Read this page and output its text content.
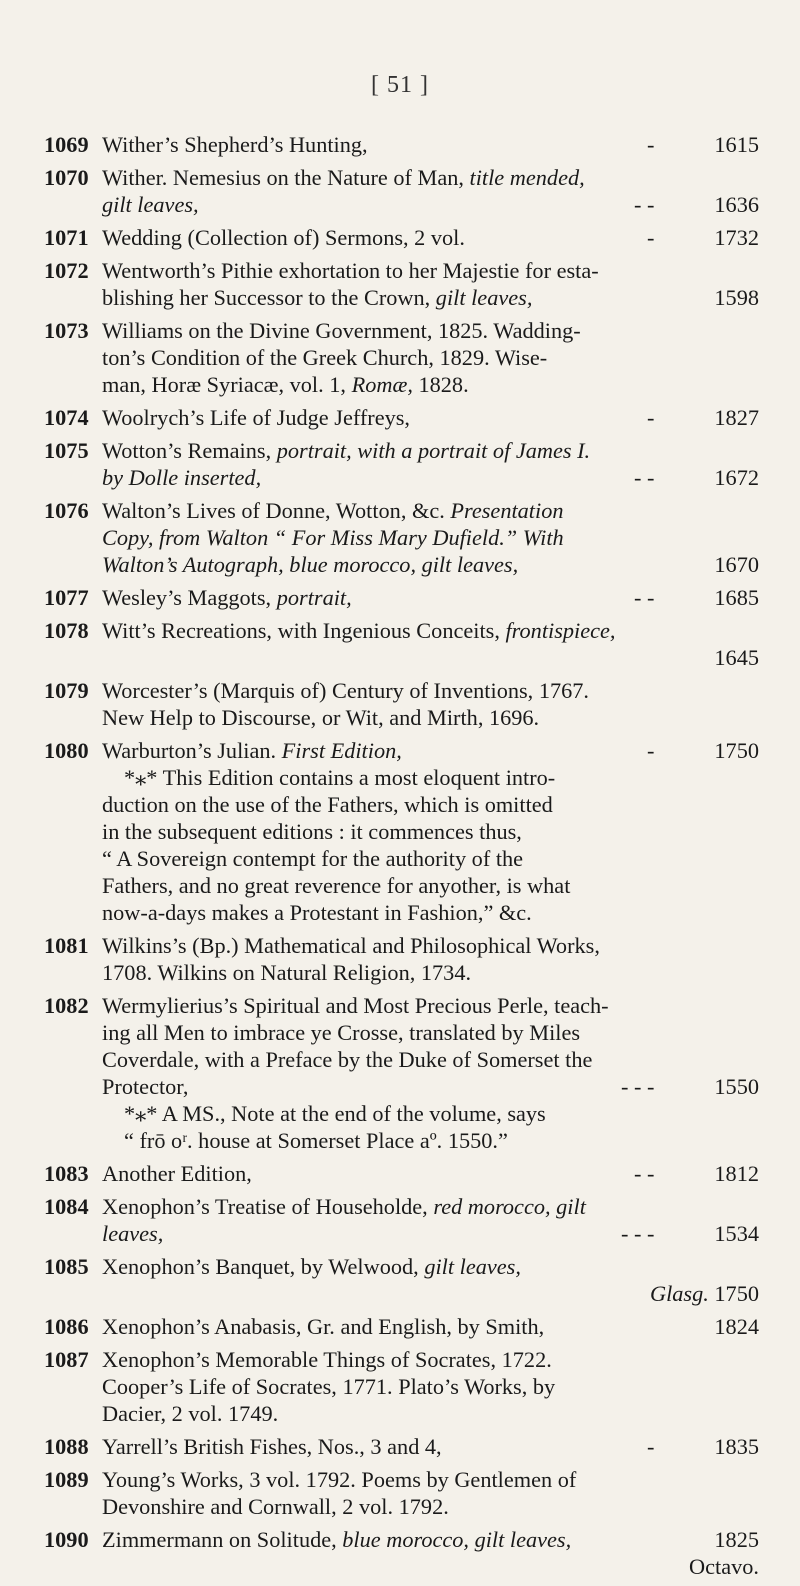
[ 51 ]
1069 Wither’s Shepherd’s Hunting,	-	1615
1070 Wither. Nemesius on the Nature of Man, title mended,
gilt leaves,	- -	1636
1071 Wedding (Collection of) Sermons, 2 vol.	-	1732
1072 Wentworth’s Pithie exhortation to her Majestie for esta-
blishing her Successor to the Crown, gilt leaves,	1598
1073 Williams on the Divine Government, 1825. Wadding-
ton’s Condition of the Greek Church, 1829. Wise-
man, Horæ Syriacæ, vol. 1, Romæ, 1828.
1074 Woolrych’s Life of Judge Jeffreys,	-	1827
1075 Wotton’s Remains, portrait, with a portrait of James I.
by Dolle inserted,	- -	1672
1076 Walton’s Lives of Donne, Wotton, &c. Presentation
Copy, from Walton “ For Miss Mary Dufield.” With
Walton’s Autograph, blue morocco, gilt leaves,	1670
1077 Wesley’s Maggots, portrait,	- -	1685
1078 Witt’s Recreations, with Ingenious Conceits, frontispiece,
1645
1079 Worcester’s (Marquis of) Century of Inventions, 1767.
New Help to Discourse, or Wit, and Mirth, 1696.
1080 Warburton’s Julian. First Edition,	-	1750
*⁎* This Edition contains a most eloquent intro-
duction on the use of the Fathers, which is omitted
in the subsequent editions : it commences thus,
“ A Sovereign contempt for the authority of the
Fathers, and no great reverence for anyother, is what
now-a-days makes a Protestant in Fashion,” &c.
1081 Wilkins’s (Bp.) Mathematical and Philosophical Works,
1708. Wilkins on Natural Religion, 1734.
1082 Wermylierius’s Spiritual and Most Precious Perle, teach-
ing all Men to imbrace ye Crosse, translated by Miles
Coverdale, with a Preface by the Duke of Somerset the
Protector,	- - -	1550
*⁎* A MS., Note at the end of the volume, says
“ frō oʳ. house at Somerset Place aº. 1550.”
1083 Another Edition,	- -	1812
1084 Xenophon’s Treatise of Householde, red morocco, gilt
leaves,	- - -	1534
1085 Xenophon’s Banquet, by Welwood, gilt leaves,
Glasg. 1750
1086 Xenophon’s Anabasis, Gr. and English, by Smith,	1824
1087 Xenophon’s Memorable Things of Socrates, 1722.
Cooper’s Life of Socrates, 1771. Plato’s Works, by
Dacier, 2 vol. 1749.
1088 Yarrell’s British Fishes, Nos., 3 and 4,	-	1835
1089 Young’s Works, 3 vol. 1792. Poems by Gentlemen of
Devonshire and Cornwall, 2 vol. 1792.
1090 Zimmermann on Solitude, blue morocco, gilt leaves,	1825
Octavo.
